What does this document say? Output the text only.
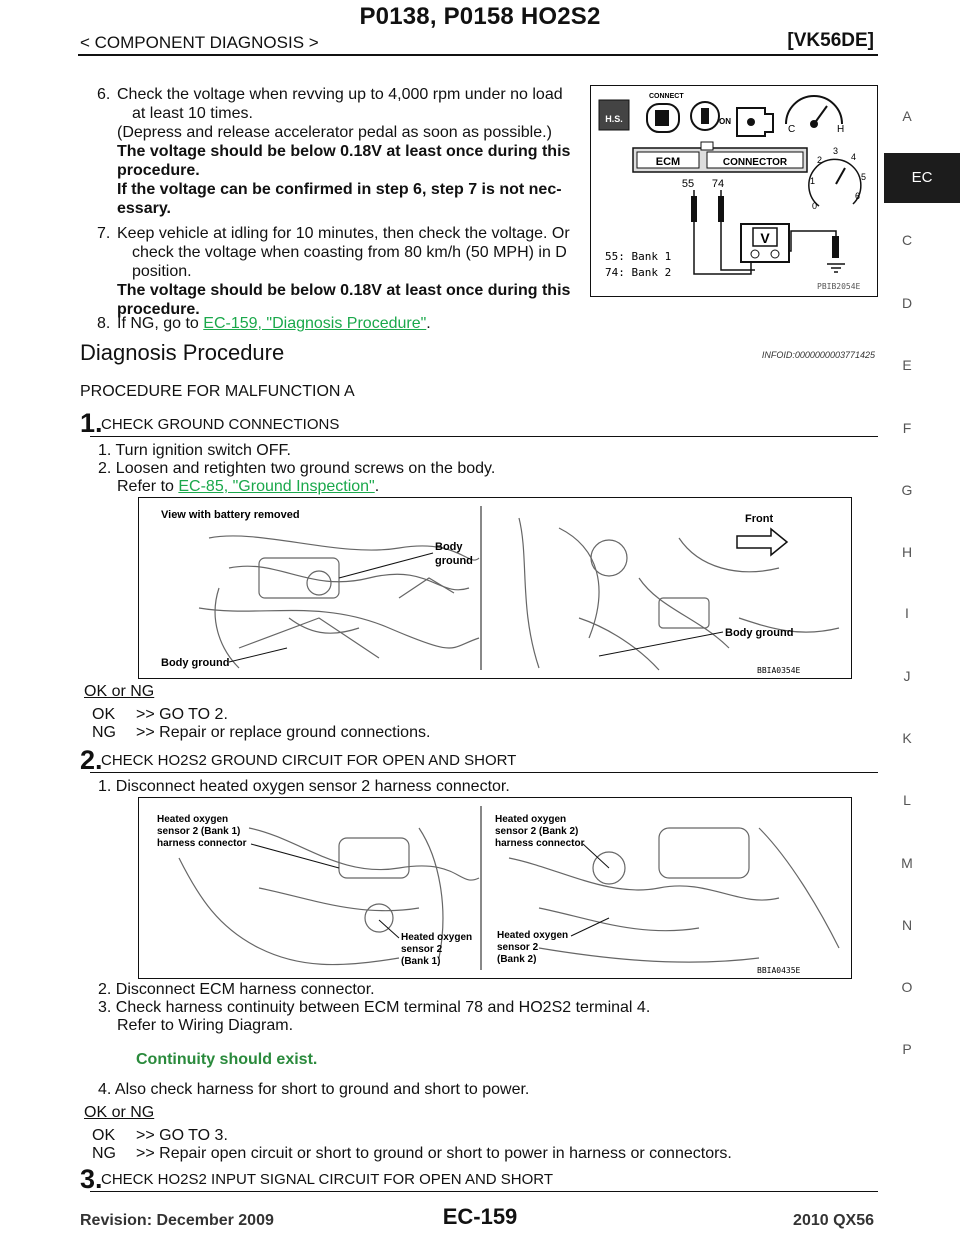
P0138, P0158 HO2S2
< COMPONENT DIAGNOSIS >	[VK56DE]
A
EC
C
D
E
F
G
H
I
J
K
L
M
N
O
P
6. Check the voltage when revving up to 4,000 rpm under no load
at least 10 times.
(Depress and release accelerator pedal as soon as possible.)
The voltage should be below 0.18V at least once during this
procedure.
If the voltage can be confirmed in step 6, step 7 is not nec-
essary.
7. Keep vehicle at idling for 10 minutes, then check the voltage. Or
check the voltage when coasting from 80 km/h (50 MPH) in D
position.
The voltage should be below 0.18V at least once during this
procedure.
8. If NG, go to EC-159, "Diagnosis Procedure".
H.S.
CONNECT
ON
C	H
ECM	CONNECTOR
55 74
V
0
1
2
3
4
5
6
55: Bank 1
74: Bank 2
PBIB2054E
Diagnosis Procedure	INFOID:0000000003771425
PROCEDURE FOR MALFUNCTION A
1.
CHECK GROUND CONNECTIONS
1. Turn ignition switch OFF.
2. Loosen and retighten two ground screws on the body.
Refer to EC-85, "Ground Inspection".
View with battery removed
Body
ground
Body ground
Front
Body ground
BBIA0354E
OK or NG
OK >> GO TO 2.
NG >> Repair or replace ground connections.
2.
CHECK HO2S2 GROUND CIRCUIT FOR OPEN AND SHORT
1. Disconnect heated oxygen sensor 2 harness connector.
Heated oxygen
sensor 2 (Bank 1)
harness connector
Heated oxygen
sensor 2 (Bank 2)
harness connector
Heated oxygen
sensor 2
(Bank 1)
Heated oxygen
sensor 2
(Bank 2)
BBIA0435E
2. Disconnect ECM harness connector.
3. Check harness continuity between ECM terminal 78 and HO2S2 terminal 4.
Refer to Wiring Diagram.
Continuity should exist.
4. Also check harness for short to ground and short to power.
OK or NG
OK >> GO TO 3.
NG >> Repair open circuit or short to ground or short to power in harness or connectors.
3.
CHECK HO2S2 INPUT SIGNAL CIRCUIT FOR OPEN AND SHORT
Revision: December 2009	EC-159	2010 QX56
